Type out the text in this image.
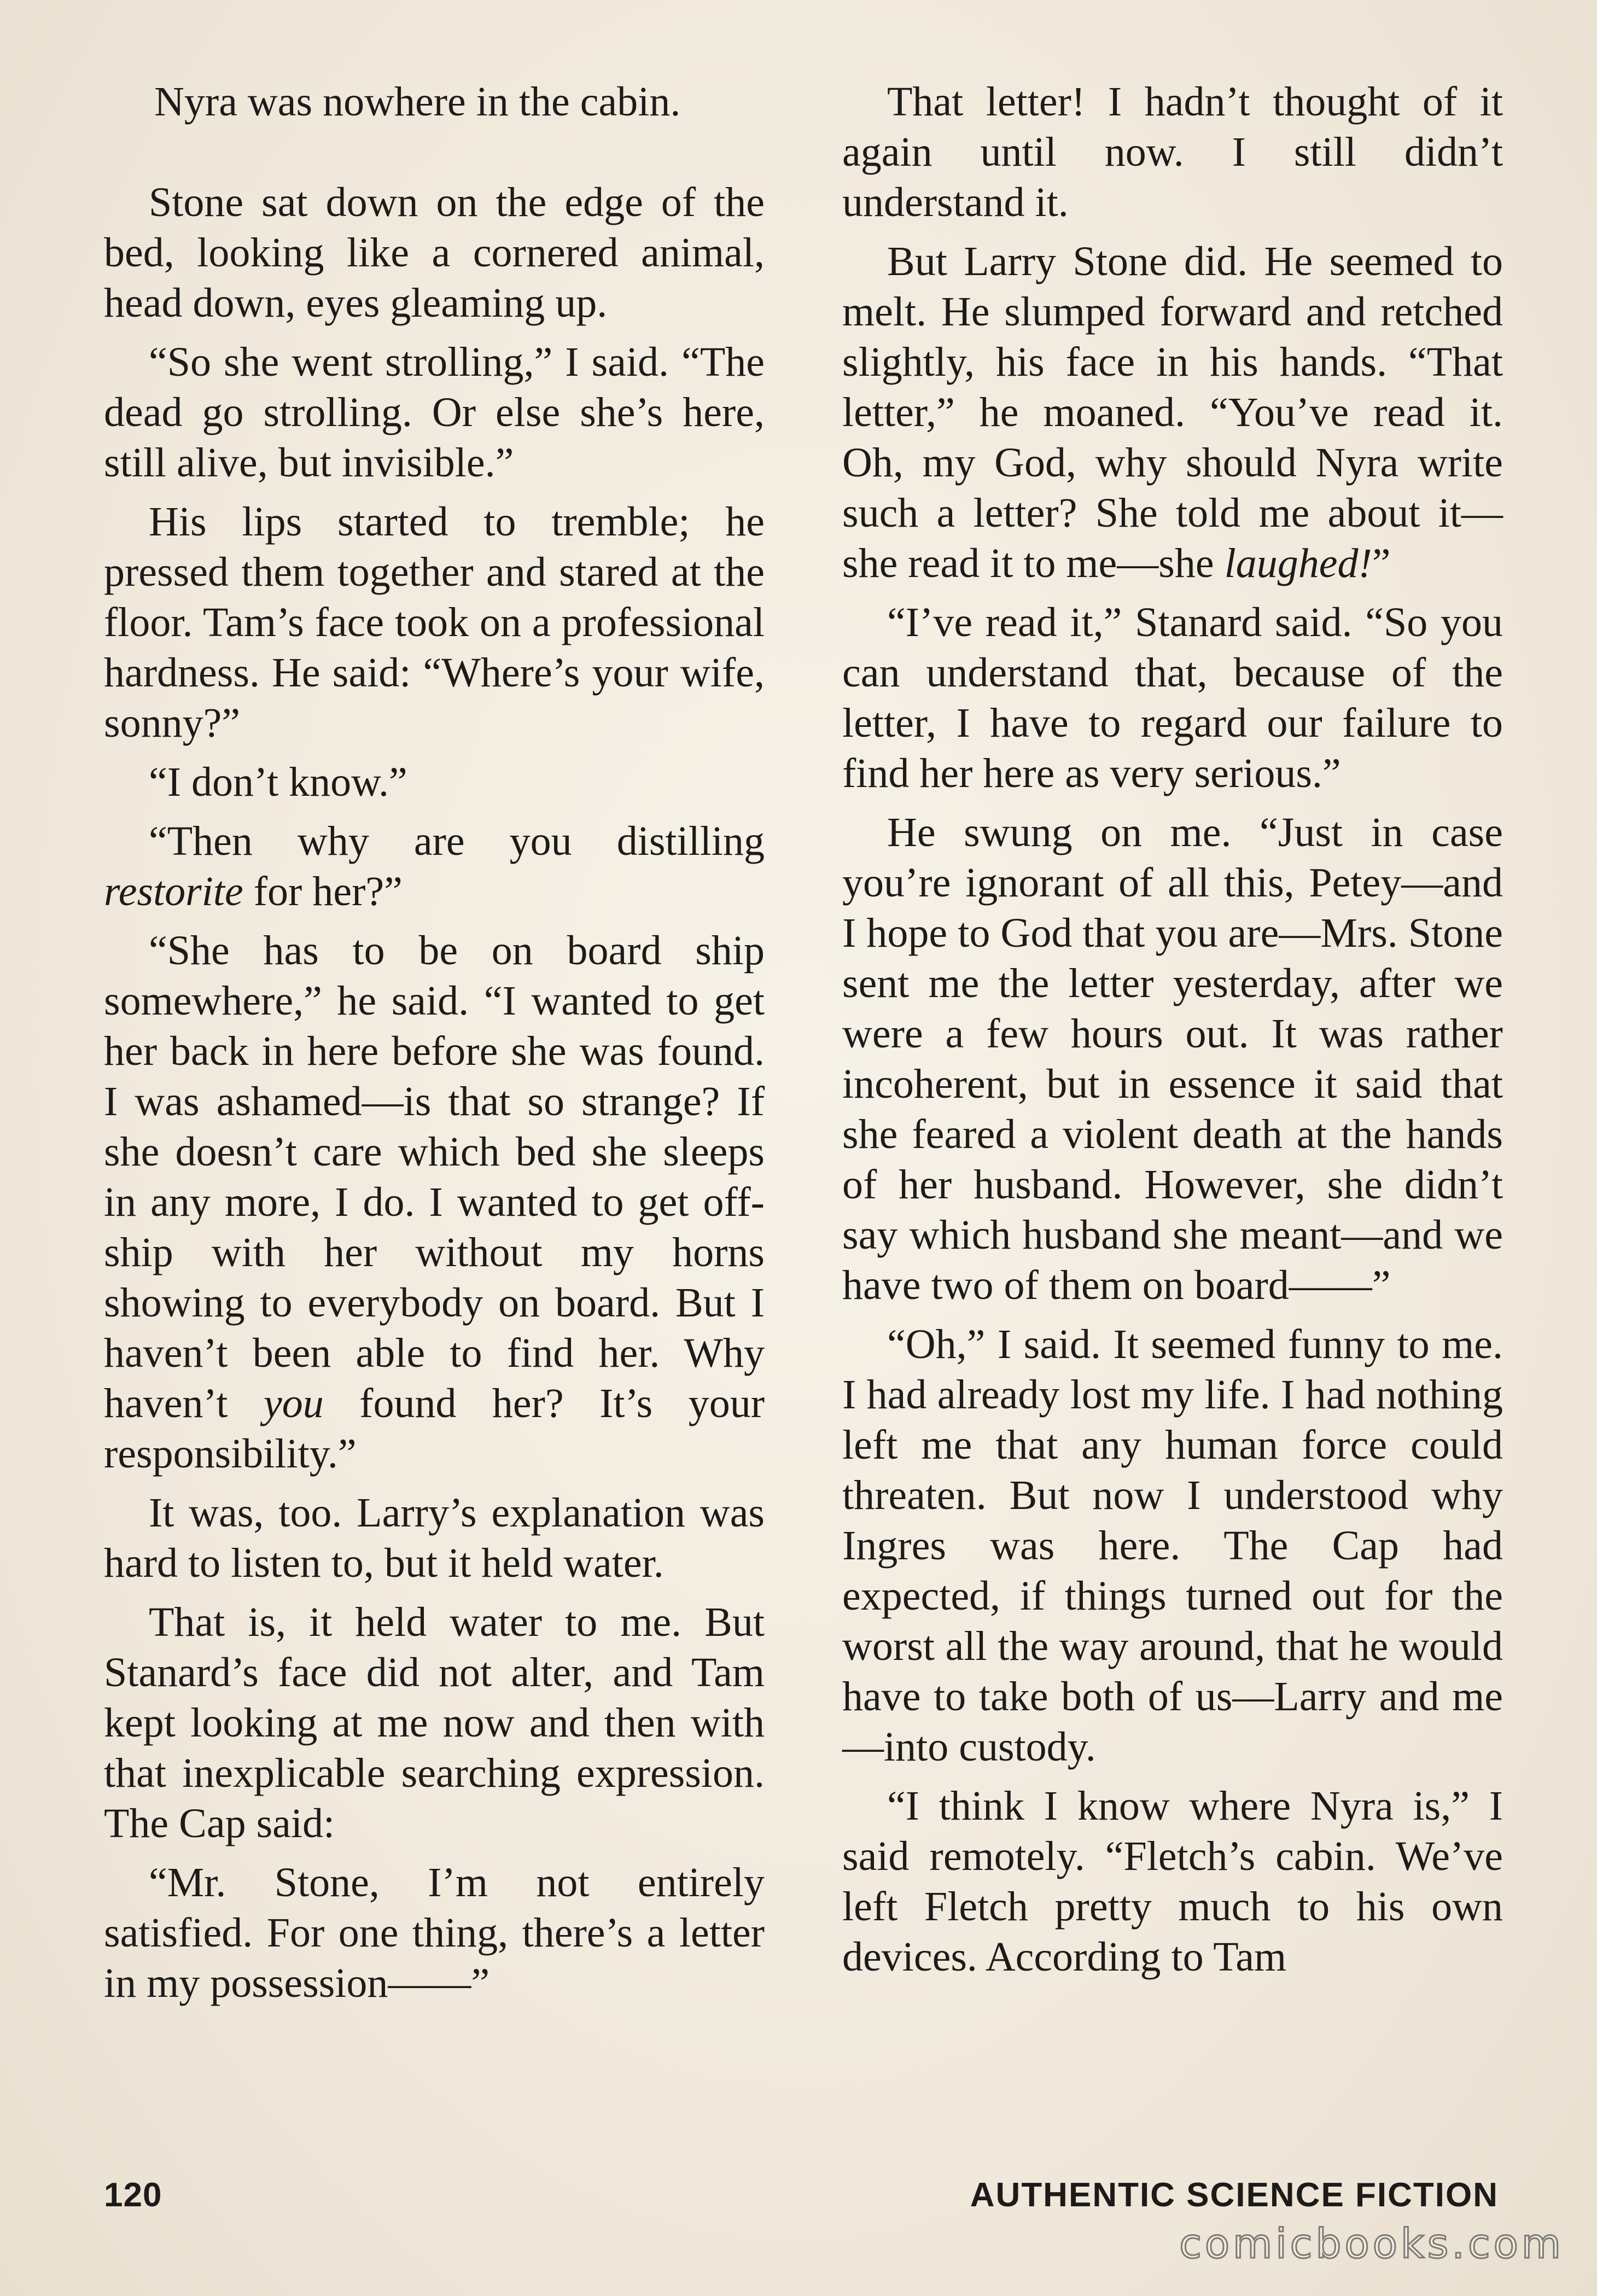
Nyra was nowhere in the cabin.

Stone sat down on the edge of the bed, looking like a cornered animal, head down, eyes gleaming up.

“So she went strolling,” I said. “The dead go strolling. Or else she’s here, still alive, but invisible.”

His lips started to tremble; he pressed them together and stared at the floor. Tam’s face took on a professional hardness. He said: “Where’s your wife, sonny?”

“I don’t know.”

“Then why are you distilling restorite for her?”

“She has to be on board ship somewhere,” he said. “I wanted to get her back in here before she was found. I was ashamed—is that so strange? If she doesn’t care which bed she sleeps in any more, I do. I wanted to get off-ship with her without my horns showing to everybody on board. But I haven’t been able to find her. Why haven’t you found her? It’s your responsibility.”

It was, too. Larry’s explanation was hard to listen to, but it held water.

That is, it held water to me. But Stanard’s face did not alter, and Tam kept looking at me now and then with that inexplicable searching expression. The Cap said:

“Mr. Stone, I’m not entirely satisfied. For one thing, there’s a letter in my possession——”

That letter! I hadn’t thought of it again until now. I still didn’t understand it.

But Larry Stone did. He seemed to melt. He slumped forward and retched slightly, his face in his hands. “That letter,” he moaned. “You’ve read it. Oh, my God, why should Nyra write such a letter? She told me about it—she read it to me—she laughed!”

“I’ve read it,” Stanard said. “So you can understand that, because of the letter, I have to regard our failure to find her here as very serious.”

He swung on me. “Just in case you’re ignorant of all this, Petey—and I hope to God that you are—Mrs. Stone sent me the letter yesterday, after we were a few hours out. It was rather incoherent, but in essence it said that she feared a violent death at the hands of her husband. However, she didn’t say which husband she meant—and we have two of them on board——”

“Oh,” I said. It seemed funny to me. I had already lost my life. I had nothing left me that any human force could threaten. But now I understood why Ingres was here. The Cap had expected, if things turned out for the worst all the way around, that he would have to take both of us—Larry and me—into custody.

“I think I know where Nyra is,” I said remotely. “Fletch’s cabin. We’ve left Fletch pretty much to his own devices. According to Tam

120	AUTHENTIC SCIENCE FICTION
comicbooks.com
